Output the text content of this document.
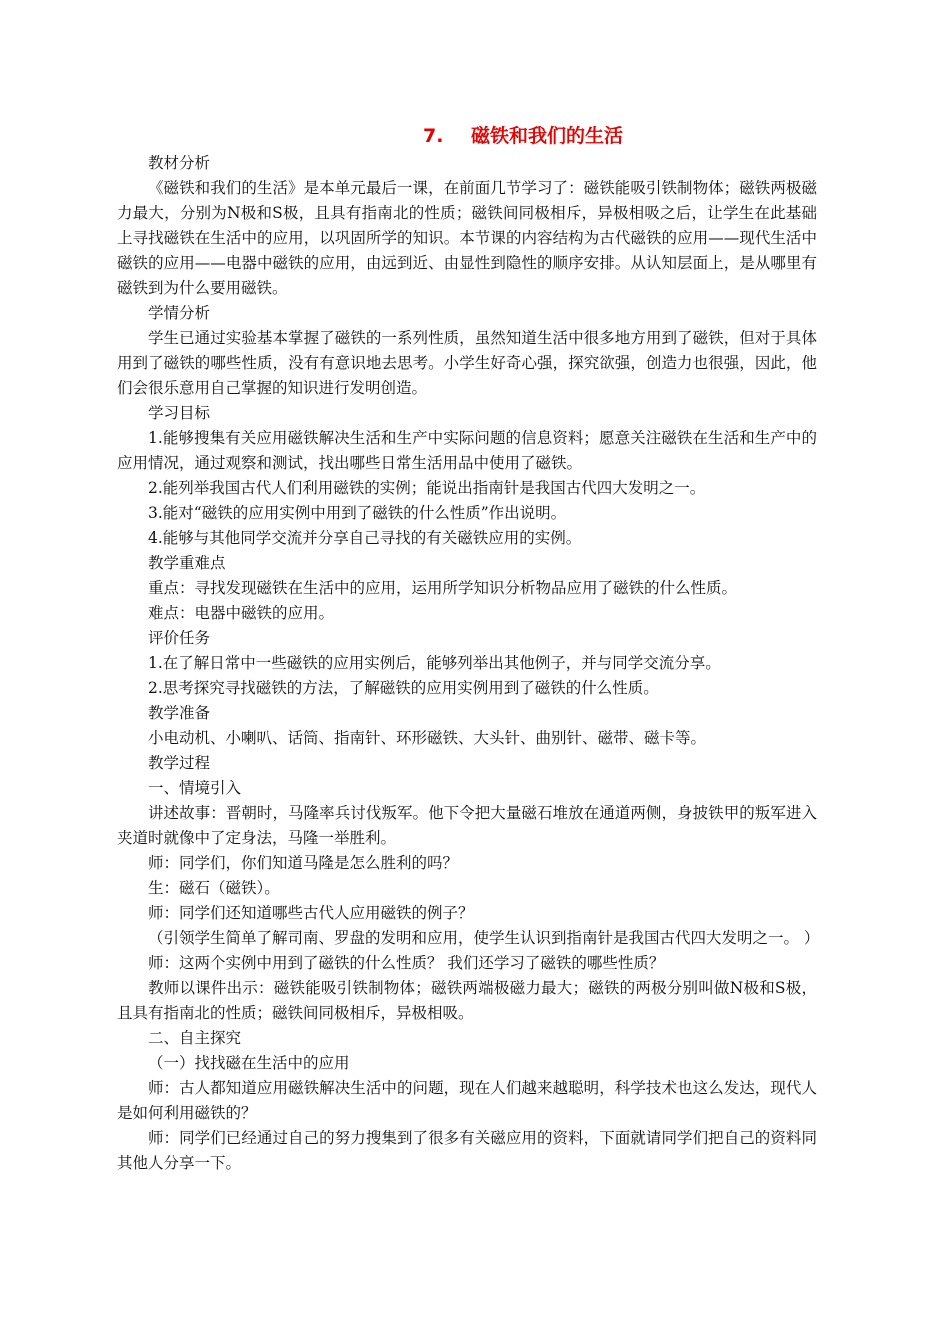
7. 磁铁和我们的生活

教材分析

《磁铁和我们的生活》是本单元最后一课，在前面几节学习了：磁铁能吸引铁制物体；磁铁两极磁力最大，分别为N极和S极，且具有指南北的性质；磁铁间同极相斥，异极相吸之后，让学生在此基础上寻找磁铁在生活中的应用，以巩固所学的知识。本节课的内容结构为古代磁铁的应用——现代生活中磁铁的应用——电器中磁铁的应用，由远到近、由显性到隐性的顺序安排。从认知层面上，是从哪里有磁铁到为什么要用磁铁。

学情分析

学生已通过实验基本掌握了磁铁的一系列性质，虽然知道生活中很多地方用到了磁铁，但对于具体用到了磁铁的哪些性质，没有有意识地去思考。小学生好奇心强，探究欲强，创造力也很强，因此，他们会很乐意用自己掌握的知识进行发明创造。

学习目标

1.能够搜集有关应用磁铁解决生活和生产中实际问题的信息资料；愿意关注磁铁在生活和生产中的应用情况，通过观察和测试，找出哪些日常生活用品中使用了磁铁。

2.能列举我国古代人们利用磁铁的实例；能说出指南针是我国古代四大发明之一。

3.能对“磁铁的应用实例中用到了磁铁的什么性质”作出说明。

4.能够与其他同学交流并分享自己寻找的有关磁铁应用的实例。

教学重难点

重点：寻找发现磁铁在生活中的应用，运用所学知识分析物品应用了磁铁的什么性质。

难点：电器中磁铁的应用。

评价任务

1.在了解日常中一些磁铁的应用实例后，能够列举出其他例子，并与同学交流分享。

2.思考探究寻找磁铁的方法，了解磁铁的应用实例用到了磁铁的什么性质。

教学准备

小电动机、小喇叭、话筒、指南针、环形磁铁、大头针、曲别针、磁带、磁卡等。

教学过程

一、情境引入

讲述故事：晋朝时，马隆率兵讨伐叛军。他下令把大量磁石堆放在通道两侧，身披铁甲的叛军进入夹道时就像中了定身法，马隆一举胜利。

师：同学们，你们知道马隆是怎么胜利的吗？

生：磁石（磁铁）。

师：同学们还知道哪些古代人应用磁铁的例子？

（引领学生简单了解司南、罗盘的发明和应用，使学生认识到指南针是我国古代四大发明之一。 ）

师：这两个实例中用到了磁铁的什么性质？ 我们还学习了磁铁的哪些性质？

教师以课件出示：磁铁能吸引铁制物体；磁铁两端极磁力最大；磁铁的两极分别叫做N极和S极，且具有指南北的性质；磁铁间同极相斥，异极相吸。

二、自主探究

（一）找找磁在生活中的应用

师：古人都知道应用磁铁解决生活中的问题，现在人们越来越聪明，科学技术也这么发达，现代人是如何利用磁铁的？

师：同学们已经通过自己的努力搜集到了很多有关磁应用的资料，下面就请同学们把自己的资料同其他人分享一下。
